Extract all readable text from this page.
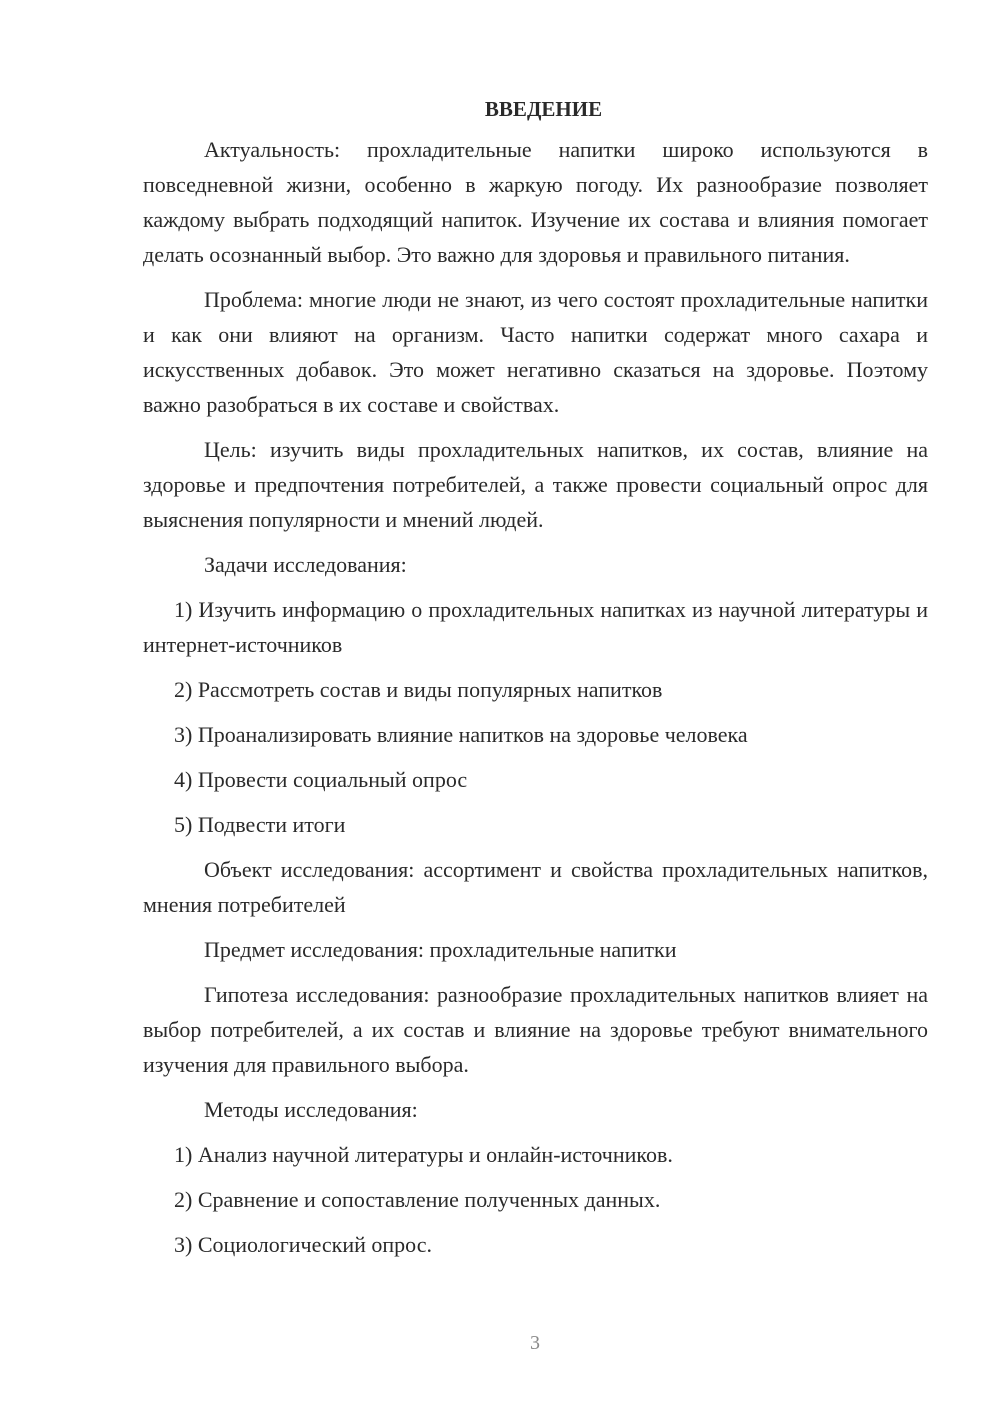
ВВЕДЕНИЕ

Актуальность: прохладительные напитки широко используются в повседневной жизни, особенно в жаркую погоду. Их разнообразие позволяет каждому выбрать подходящий напиток. Изучение их состава и влияния помогает делать осознанный выбор. Это важно для здоровья и правильного питания.

Проблема: многие люди не знают, из чего состоят прохладительные напитки и как они влияют на организм. Часто напитки содержат много сахара и искусственных добавок. Это может негативно сказаться на здоровье. Поэтому важно разобраться в их составе и свойствах.

Цель: изучить виды прохладительных напитков, их состав, влияние на здоровье и предпочтения потребителей, а также провести социальный опрос для выяснения популярности и мнений людей.

Задачи исследования:

1) Изучить информацию о прохладительных напитках из научной литературы и интернет-источников

2) Рассмотреть состав и виды популярных напитков

3) Проанализировать влияние напитков на здоровье человека

4) Провести социальный опрос

5) Подвести итоги

Объект исследования: ассортимент и свойства прохладительных напитков, мнения потребителей

Предмет исследования: прохладительные напитки

Гипотеза исследования: разнообразие прохладительных напитков влияет на выбор потребителей, а их состав и влияние на здоровье требуют внимательного изучения для правильного выбора.

Методы исследования:

1) Анализ научной литературы и онлайн-источников.

2) Сравнение и сопоставление полученных данных.

3) Социологический опрос.

3
